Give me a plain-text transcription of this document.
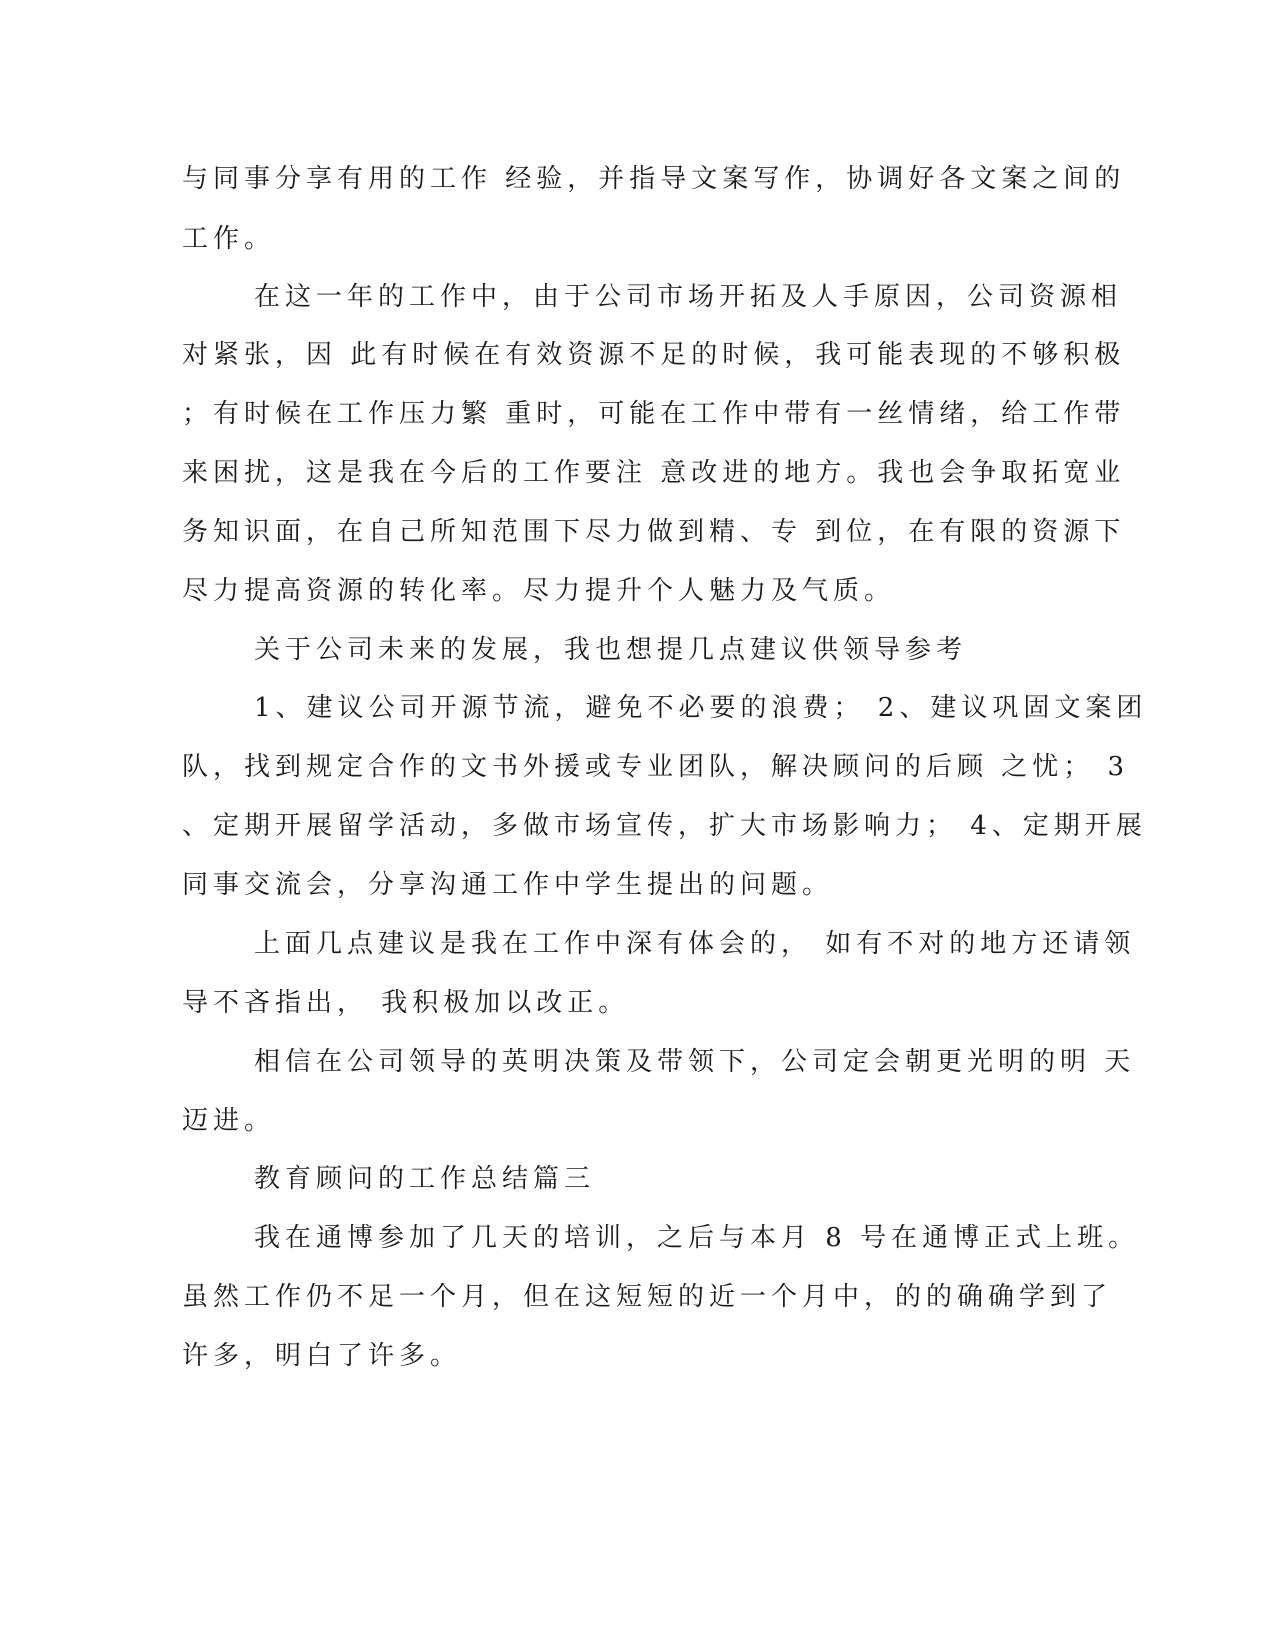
与同事分享有用的工作 经验，并指导文案写作，协调好各文案之间的
工作。
在这一年的工作中，由于公司市场开拓及人手原因，公司资源相
对紧张，因 此有时候在有效资源不足的时候，我可能表现的不够积极
；有时候在工作压力繁 重时，可能在工作中带有一丝情绪，给工作带
来困扰，这是我在今后的工作要注 意改进的地方。我也会争取拓宽业
务知识面，在自己所知范围下尽力做到精、专 到位，在有限的资源下
尽力提高资源的转化率。尽力提升个人魅力及气质。
关于公司未来的发展，我也想提几点建议供领导参考
1、建议公司开源节流，避免不必要的浪费； 2、建议巩固文案团
队，找到规定合作的文书外援或专业团队，解决顾问的后顾 之忧； 3
、定期开展留学活动，多做市场宣传，扩大市场影响力； 4、定期开展
同事交流会，分享沟通工作中学生提出的问题。
上面几点建议是我在工作中深有体会的， 如有不对的地方还请领
导不吝指出， 我积极加以改正。
相信在公司领导的英明决策及带领下，公司定会朝更光明的明 天
迈进。
教育顾问的工作总结篇三
我在通博参加了几天的培训，之后与本月 8 号在通博正式上班。
虽然工作仍不足一个月，但在这短短的近一个月中，的的确确学到了
许多，明白了许多。
